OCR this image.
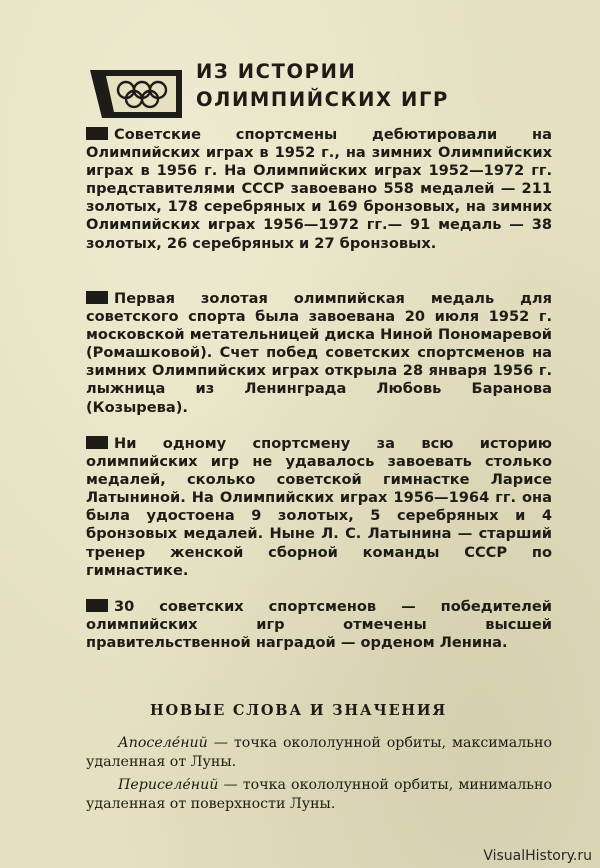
ИЗ ИСТОРИИ
ОЛИМПИЙСКИХ ИГР
Советские спортсмены дебютировали на Олимпийских играх в 1952 г., на зимних Олимпийских играх в 1956 г. На Олимпийских играх 1952—1972 гг. представителями СССР завоевано 558 медалей — 211 золотых, 178 серебряных и 169 бронзовых, на зимних Олимпийских играх 1956—1972 гг.— 91 медаль — 38 золотых, 26 серебряных и 27 бронзовых.
Первая золотая олимпийская медаль для советского спорта была завоевана 20 июля 1952 г. московской метательницей диска Ниной Пономаревой (Ромашковой). Счет побед советских спортсменов на зимних Олимпийских играх открыла 28 января 1956 г. лыжница из Ленинграда Любовь Баранова (Козырева).
Ни одному спортсмену за всю историю олимпийских игр не удавалось завоевать столько медалей, сколько советской гимнастке Ларисе Латыниной. На Олимпийских играх 1956—1964 гг. она была удостоена 9 золотых, 5 серебряных и 4 бронзовых медалей. Ныне Л. С. Латынина — старший тренер женской сборной команды СССР по гимнастике.
30 советских спортсменов — победителей олимпийских игр отмечены высшей правительственной наградой — орденом Ленина.
НОВЫЕ СЛОВА И ЗНАЧЕНИЯ
Апоселе́ний — точка окололунной орбиты, максимально удаленная от Луны.
Периселе́ний — точка окололунной орбиты, минимально удаленная от поверхности Луны.
VisualHistory.ru
